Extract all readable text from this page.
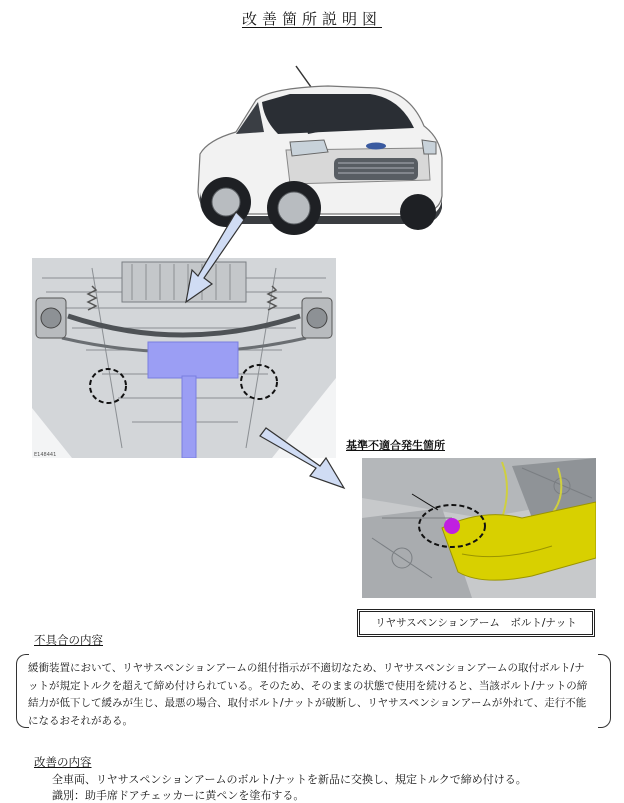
改善箇所説明図
E148441
基準不適合発生箇所
リヤサスペンションアーム　ボルト/ナット
不具合の内容
緩衝装置において、リヤサスペンションアームの組付指示が不適切なため、リヤサスペンションアームの取付ボルト/ナットが規定トルクを超えて締め付けられている。そのため、そのままの状態で使用を続けると、当該ボルト/ナットの締結力が低下して緩みが生じ、最悪の場合、取付ボルト/ナットが破断し、リヤサスペンションアームが外れて、走行不能になるおそれがある。
改善の内容
全車両、リヤサスペンションアームのボルト/ナットを新品に交換し、規定トルクで締め付ける。
識別：助手席ドアチェッカーに黄ペンを塗布する。
